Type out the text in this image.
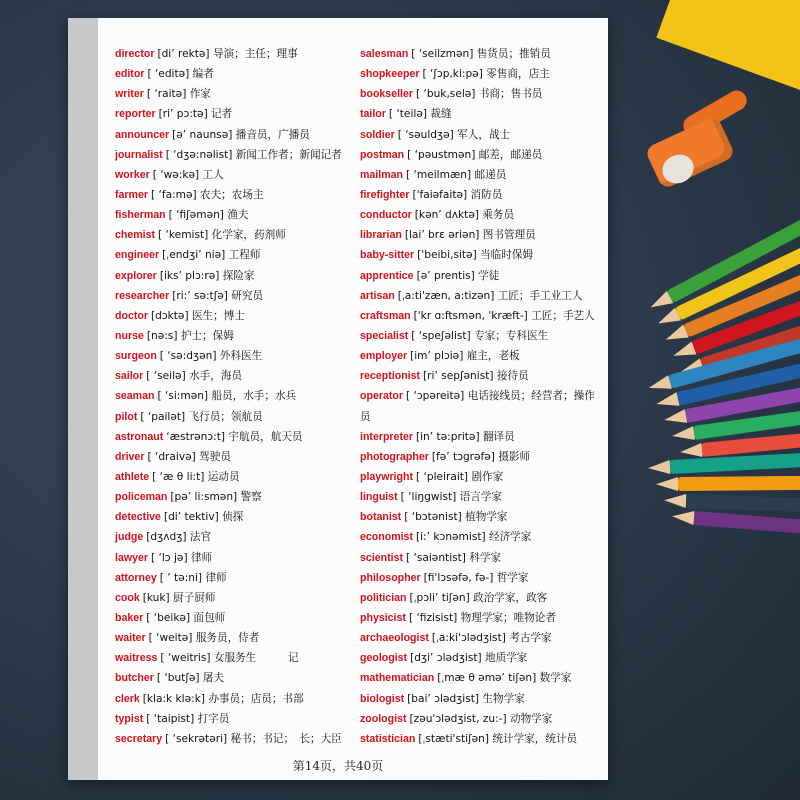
director [di’ rektə] 导演；主任；理事
editor [ ‘editə] 编者
writer [ ‘raitə] 作家
reporter [ri’ pɔ:tə] 记者
announcer [ə’ naunsə] 播音员，广播员
journalist [ ‘dʒə:nəlist] 新闻工作者；新闻记者
worker [ ‘wə:kə] 工人
farmer [ ‘fa:mə] 农夫；农场主
fisherman [ ‘fiʃəmən] 渔夫
chemist [ ‘kemist] 化学家，药剂师
engineer [ˌendʒi’ niə] 工程师
explorer [iks’ plɔ:rə] 探险家
researcher [ri:’ sə:tʃə] 研究员
doctor [dɔktə] 医生；博士
nurse [nə:s] 护士；保姆
surgeon [ ‘sə:dʒən] 外科医生
sailor [ ‘seilə] 水手，海员
seaman [ ‘si:mən] 船员，水手；水兵
pilot [ ‘pailət] 飞行员；领航员
astronaut ‘æstrənɔ:t] 宇航员，航天员
driver [ ‘draivə] 驾驶员
athlete [ ‘æ θ li:t] 运动员
policeman [pə’ li:smən] 警察
detective [di’ tektiv] 侦探
judge [dʒʌdʒ] 法官
lawyer [ ‘lɔ jə] 律师
attorney [ ’ tə:ni] 律师
cook [kuk] 厨子厨师
baker [ ‘beikə] 面包师
waiter [ ‘weitə] 服务员，侍者
waitress [ ‘weitris] 女服务生　　　记
butcher [ ‘butʃə] 屠夫
clerk [kla:k klə:k] 办事员；店员；书部
typist [ ‘taipist] 打字员
secretary [ ‘sekrətəri] 秘书；书记；　长；大臣
salesman [ ‘seilzmən] 售货员；推销员
shopkeeper [ ‘ʃɔp,ki:pə] 零售商，店主
bookseller [ ‘buk,selə] 书商；售书员
tailor [ ‘teilə] 裁缝
soldier [ ‘səuldʒə] 军人，战士
postman [ ‘pəustmən] 邮差，邮递员
mailman [ ‘meilmæn] 邮递员
firefighter ['faiəfaitə] 消防员
conductor [kən’ dʌktə] 乘务员
librarian [lai’ brɛ əriən] 图书管理员
baby-sitter ['beibi,sitə] 当临时保姆
apprentice [ə’ prentis] 学徒
artisan [ˌa:ti'zæn, a:tizən] 工匠；手工业工人
craftsman ['kr ɑ:ftsmən, 'kræft-] 工匠；手艺人
specialist [ ‘speʃəlist] 专家；专科医生
employer [im’ plɔiə] 雇主，老板
receptionist [ri’ sepʃənist] 接待员
operator [ ‘ɔpəreitə] 电话接线员；经营者；操作员
interpreter [in’ tə:pritə] 翻译员
photographer [fə’ tɔgrəfə] 摄影师
playwright [ ‘pleirait] 剧作家
linguist [ ‘liŋgwist] 语言学家
botanist [ ‘bɔtənist] 植物学家
economist [i:’ kɔnəmist] 经济学家
scientist [ ‘saiəntist] 科学家
philosopher [fi'lɔsəfə, fə-] 哲学家
politician [ˌpɔli’ tiʃən] 政治学家，政客
physicist [ ‘fizisist] 物理学家；唯物论者
archaeologist [ˌa:ki'ɔlədʒist] 考古学家
geologist [dʒi’ ɔlədʒist] 地质学家
mathematician [ˌmæ θ əmə’ tiʃən] 数学家
biologist [bai’ ɔlədʒist] 生物学家
zoologist [zəu'ɔlədʒist, zu:-] 动物学家
statistician [ˌstæti'stiʃən] 统计学家，统计员
第14页，共40页
